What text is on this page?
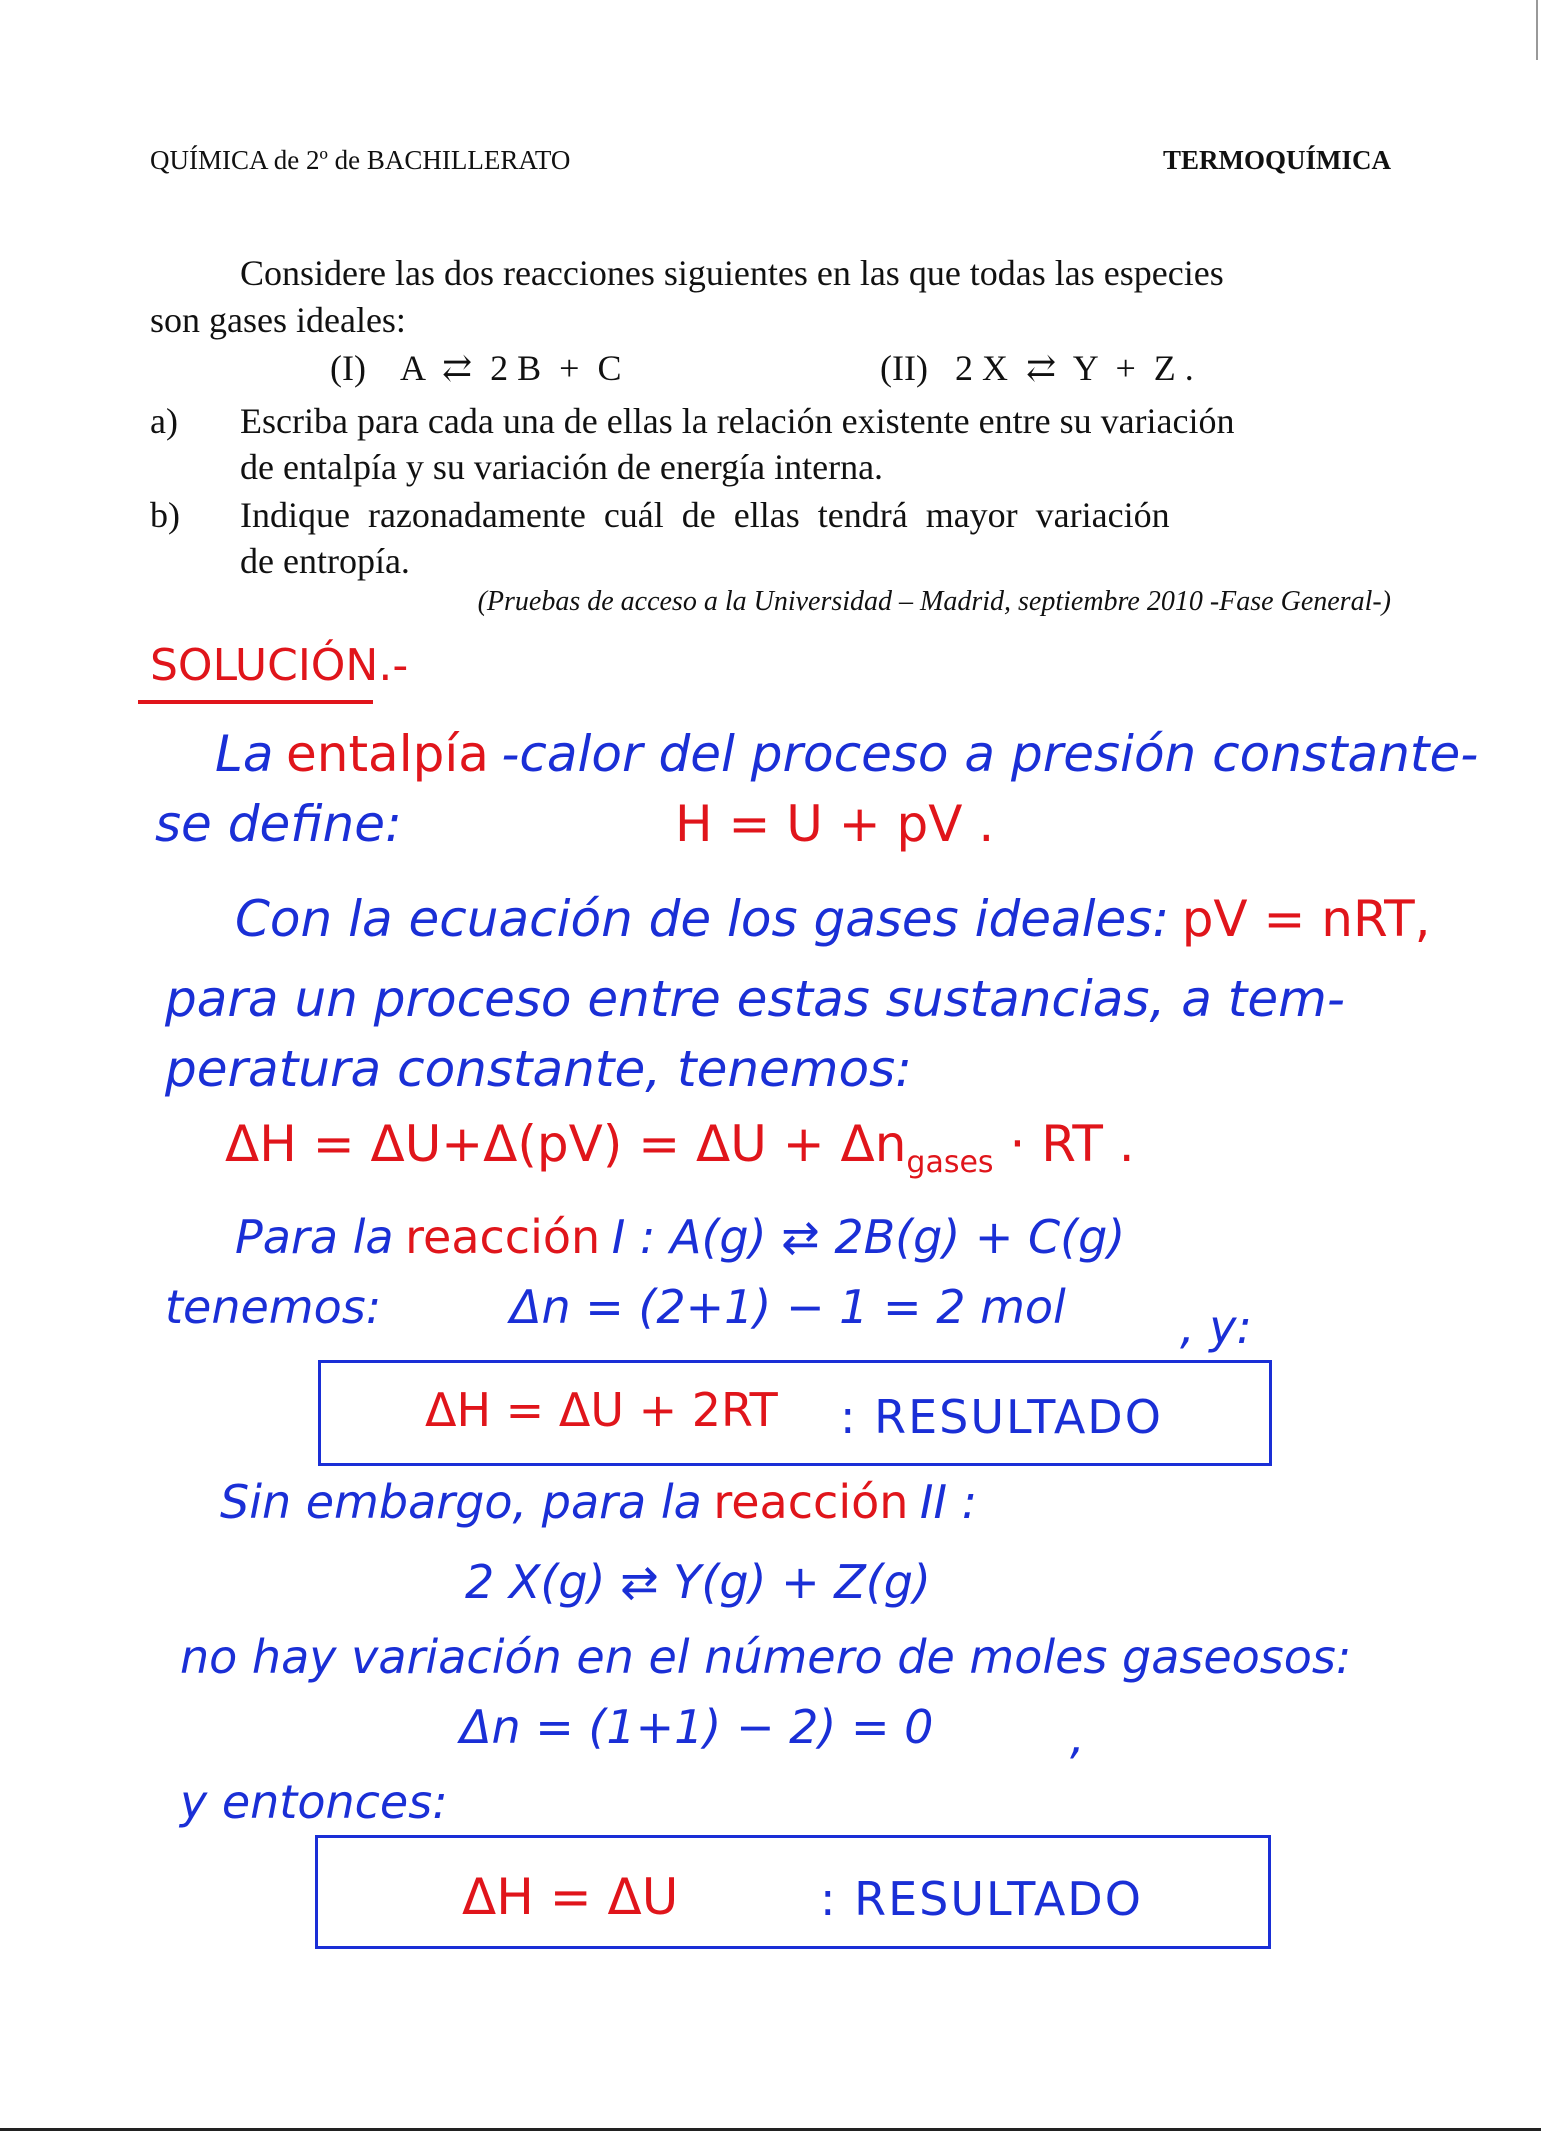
QUÍMICA de 2º de BACHILLERATO	TERMOQUÍMICA
Considere las dos reacciones siguientes en las que todas las especies
son gases ideales:
(I)    A  ⇄  2 B  +  C	(II)   2 X  ⇄  Y  +  Z .
a) Escriba para cada una de ellas la relación existente entre su variación
de entalpía y su variación de energía interna.
b) Indique  razonadamente  cuál  de  ellas  tendrá  mayor  variación
de entropía.
(Pruebas de acceso a la Universidad – Madrid, septiembre 2010 -Fase General-)
SOLUCIÓN.-
La entalpía -calor del proceso a presión constante-
se define:	H = U + pV .
Con la ecuación de los gases ideales: pV = nRT,
para un proceso entre estas sustancias, a tem-
peratura constante, tenemos:
$\Delta H = \Delta U+\Delta(pV) = \Delta U + \Delta n_{gases}$ · RT .
Para la reacción I : A(g) ⇄ 2B(g) + C(g)
tenemos:	Δn = (2+1) − 1 = 2 mol , y:
ΔH = ΔU + 2RT : RESULTADO
Sin embargo, para la reacción II :
2 X(g) ⇄ Y(g) + Z(g)
no hay variación en el número de moles gaseosos:
Δn = (1+1) − 2) = 0	,
y entonces:
ΔH = ΔU	: RESULTADO
